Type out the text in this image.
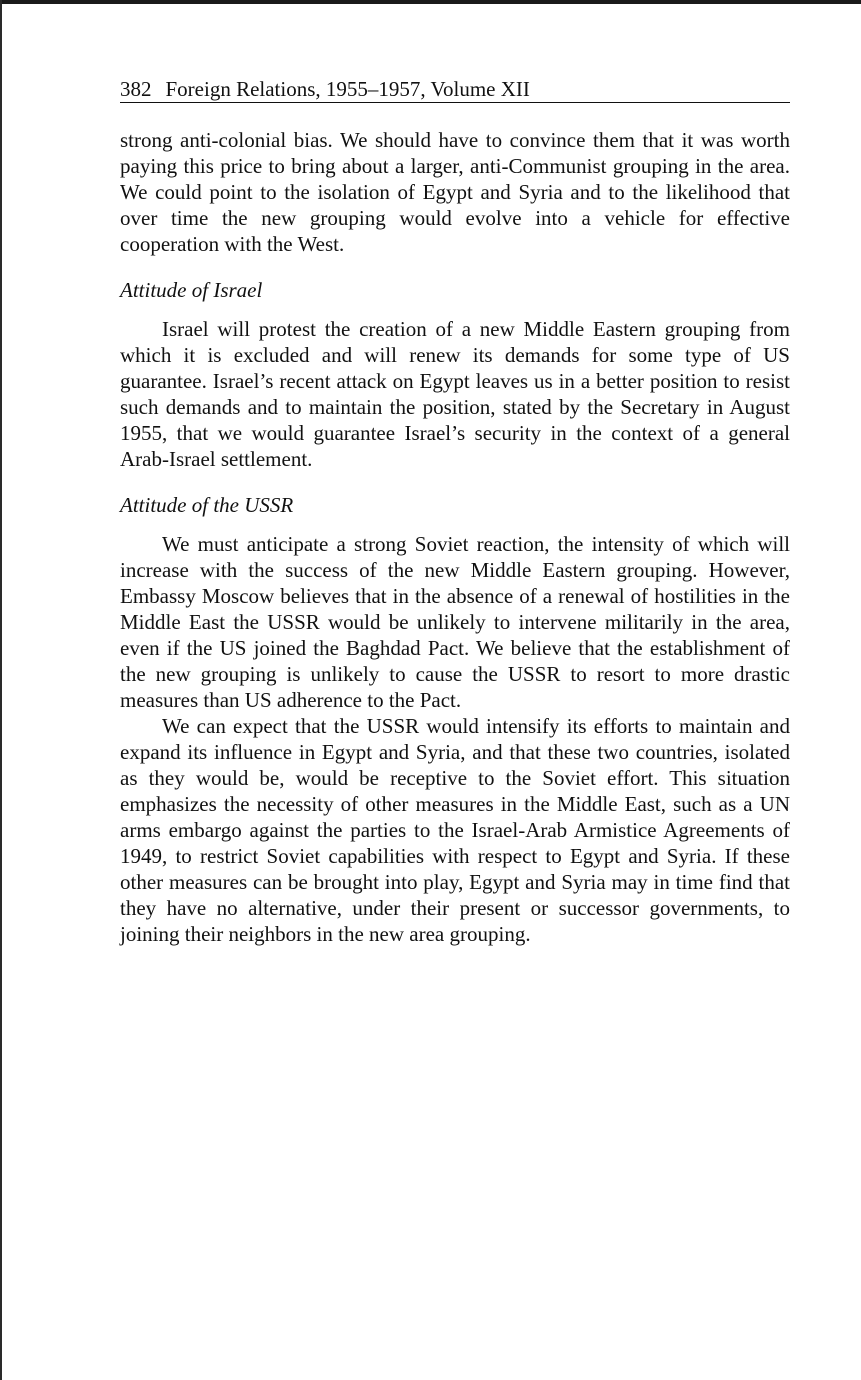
382 Foreign Relations, 1955–1957, Volume XII

strong anti-colonial bias. We should have to convince them that it was worth paying this price to bring about a larger, anti-Communist grouping in the area. We could point to the isolation of Egypt and Syria and to the likelihood that over time the new grouping would evolve into a vehicle for effective cooperation with the West.

Attitude of Israel

Israel will protest the creation of a new Middle Eastern grouping from which it is excluded and will renew its demands for some type of US guarantee. Israel’s recent attack on Egypt leaves us in a better position to resist such demands and to maintain the position, stated by the Secretary in August 1955, that we would guarantee Israel’s security in the context of a general Arab-Israel settlement.

Attitude of the USSR

We must anticipate a strong Soviet reaction, the intensity of which will increase with the success of the new Middle Eastern grouping. However, Embassy Moscow believes that in the absence of a renewal of hostilities in the Middle East the USSR would be unlikely to intervene militarily in the area, even if the US joined the Baghdad Pact. We believe that the establishment of the new grouping is unlikely to cause the USSR to resort to more drastic measures than US adherence to the Pact.

We can expect that the USSR would intensify its efforts to maintain and expand its influence in Egypt and Syria, and that these two countries, isolated as they would be, would be receptive to the Soviet effort. This situation emphasizes the necessity of other measures in the Middle East, such as a UN arms embargo against the parties to the Israel-Arab Armistice Agreements of 1949, to restrict Soviet capabilities with respect to Egypt and Syria. If these other measures can be brought into play, Egypt and Syria may in time find that they have no alternative, under their present or successor governments, to joining their neighbors in the new area grouping.
